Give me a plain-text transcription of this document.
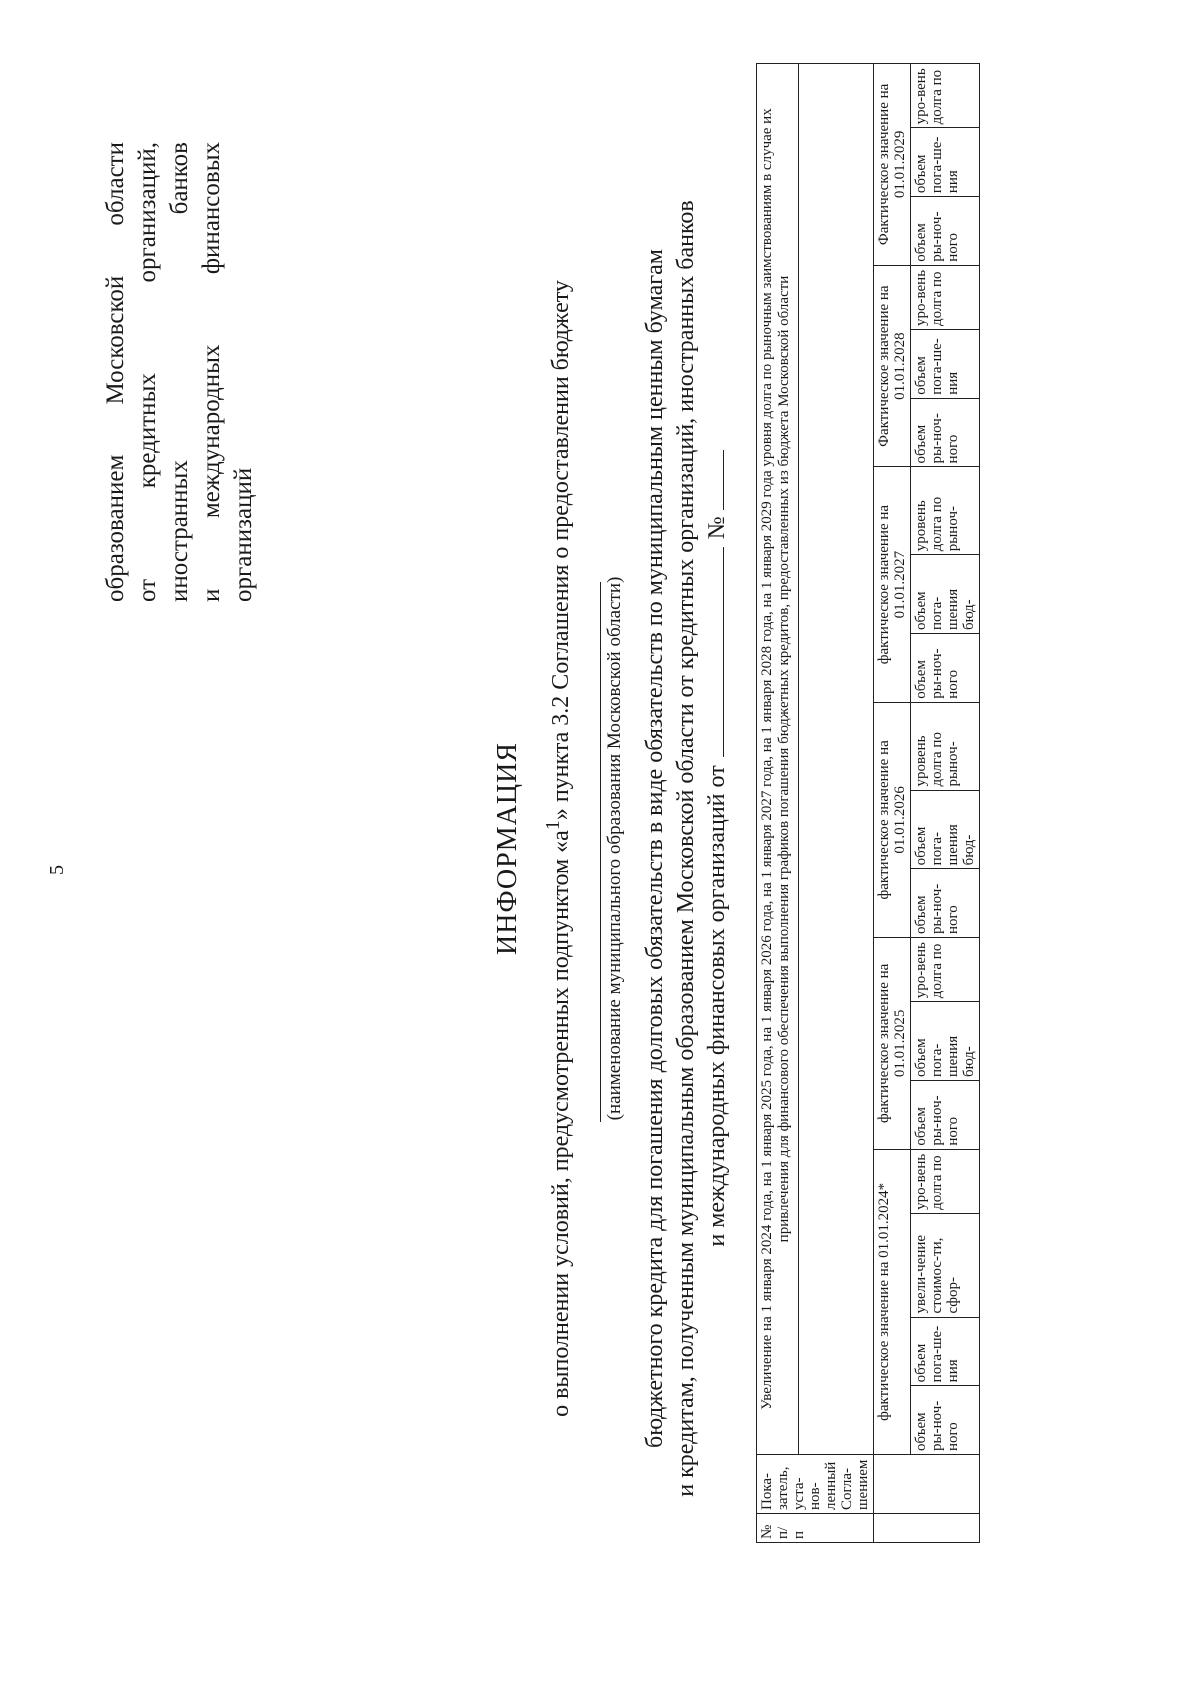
5
образованием
Московской
области
от
кредитных
организаций,
иностранных
банков
и
международных
финансовых
организаций
ИНФОРМАЦИЯ о выполнении условий, предусмотренных подпунктом «$а^1$» пункта 3.2 Соглашения о предоставлении бюджету
(наименование муниципального образования Московской области) бюджетного кредита для погашения долговых обязательств в виде обязательств по муниципальным ценным бумагам и кредитам, полученным муниципальным образованием Московской области от кредитных организаций, иностранных банков и международных финансовых организаций от№
№ п/ п	Пока-затель, уста-нов-ленный Согла-шением	Увеличение на 1 января 2024 года, на 1 января 2025 года, на 1 января 2026 года, на 1 января 2027 года, на 1 января 2028 года, на 1 января 2029 года уровня долга по рыночным заимствованиям в случае их привлечения для финансового обеспечения выполнения графиков погашения бюджетных кредитов, предоставленных из бюджета Московской области																		

		фактическое значение на 01.01.2024*				фактическое значение на 01.01.2025			фактическое значение на 01.01.2026			фактическое значение на 01.01.2027			Фактическое значение на 01.01.2028			Фактическое значение на 01.01.2029		
		объем ры-ноч-ного	объем пога-ше-ния	увели-чение стоимос-ти, сфор-	уро-вень долга по	объем ры-ноч-ного	объем пога-шения бюд-	уро-вень долга по	объем ры-ноч-ного	объем пога-шения бюд-	уровень долга по рыноч-	объем ры-ноч-ного	объем пога-шения бюд-	уровень долга по рыноч-	объем ры-ноч-ного	объем пога-ше-ния	уро-вень долга по	объем ры-ноч-ного	объем пога-ше-ния	уро-вень долга по
